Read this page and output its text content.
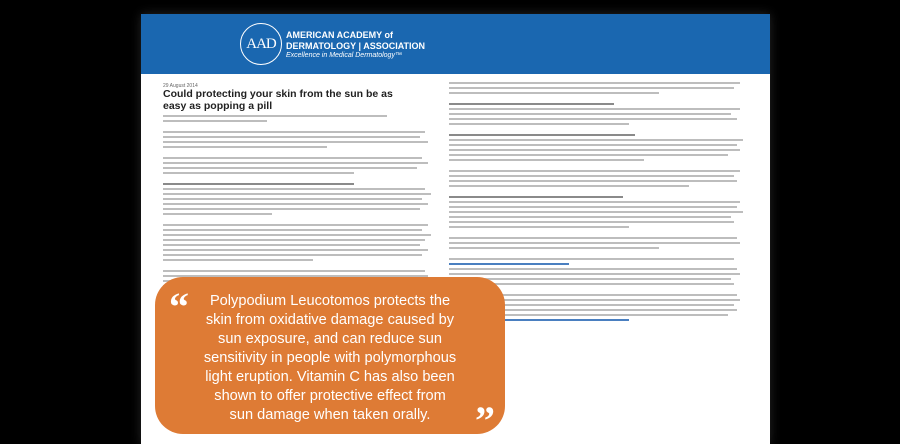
AAD
AMERICAN ACADEMY of
DERMATOLOGY | ASSOCIATION
Excellence in Medical Dermatology™
29 August 2014
Could protecting your skin from the sun be as easy as popping a pill
“	Polypodium Leucotomos protects the
skin from oxidative damage caused by
sun exposure, and can reduce sun
sensitivity in people with polymorphous
light eruption. Vitamin C has also been
shown to offer protective effect from
sun damage when taken orally.	”
